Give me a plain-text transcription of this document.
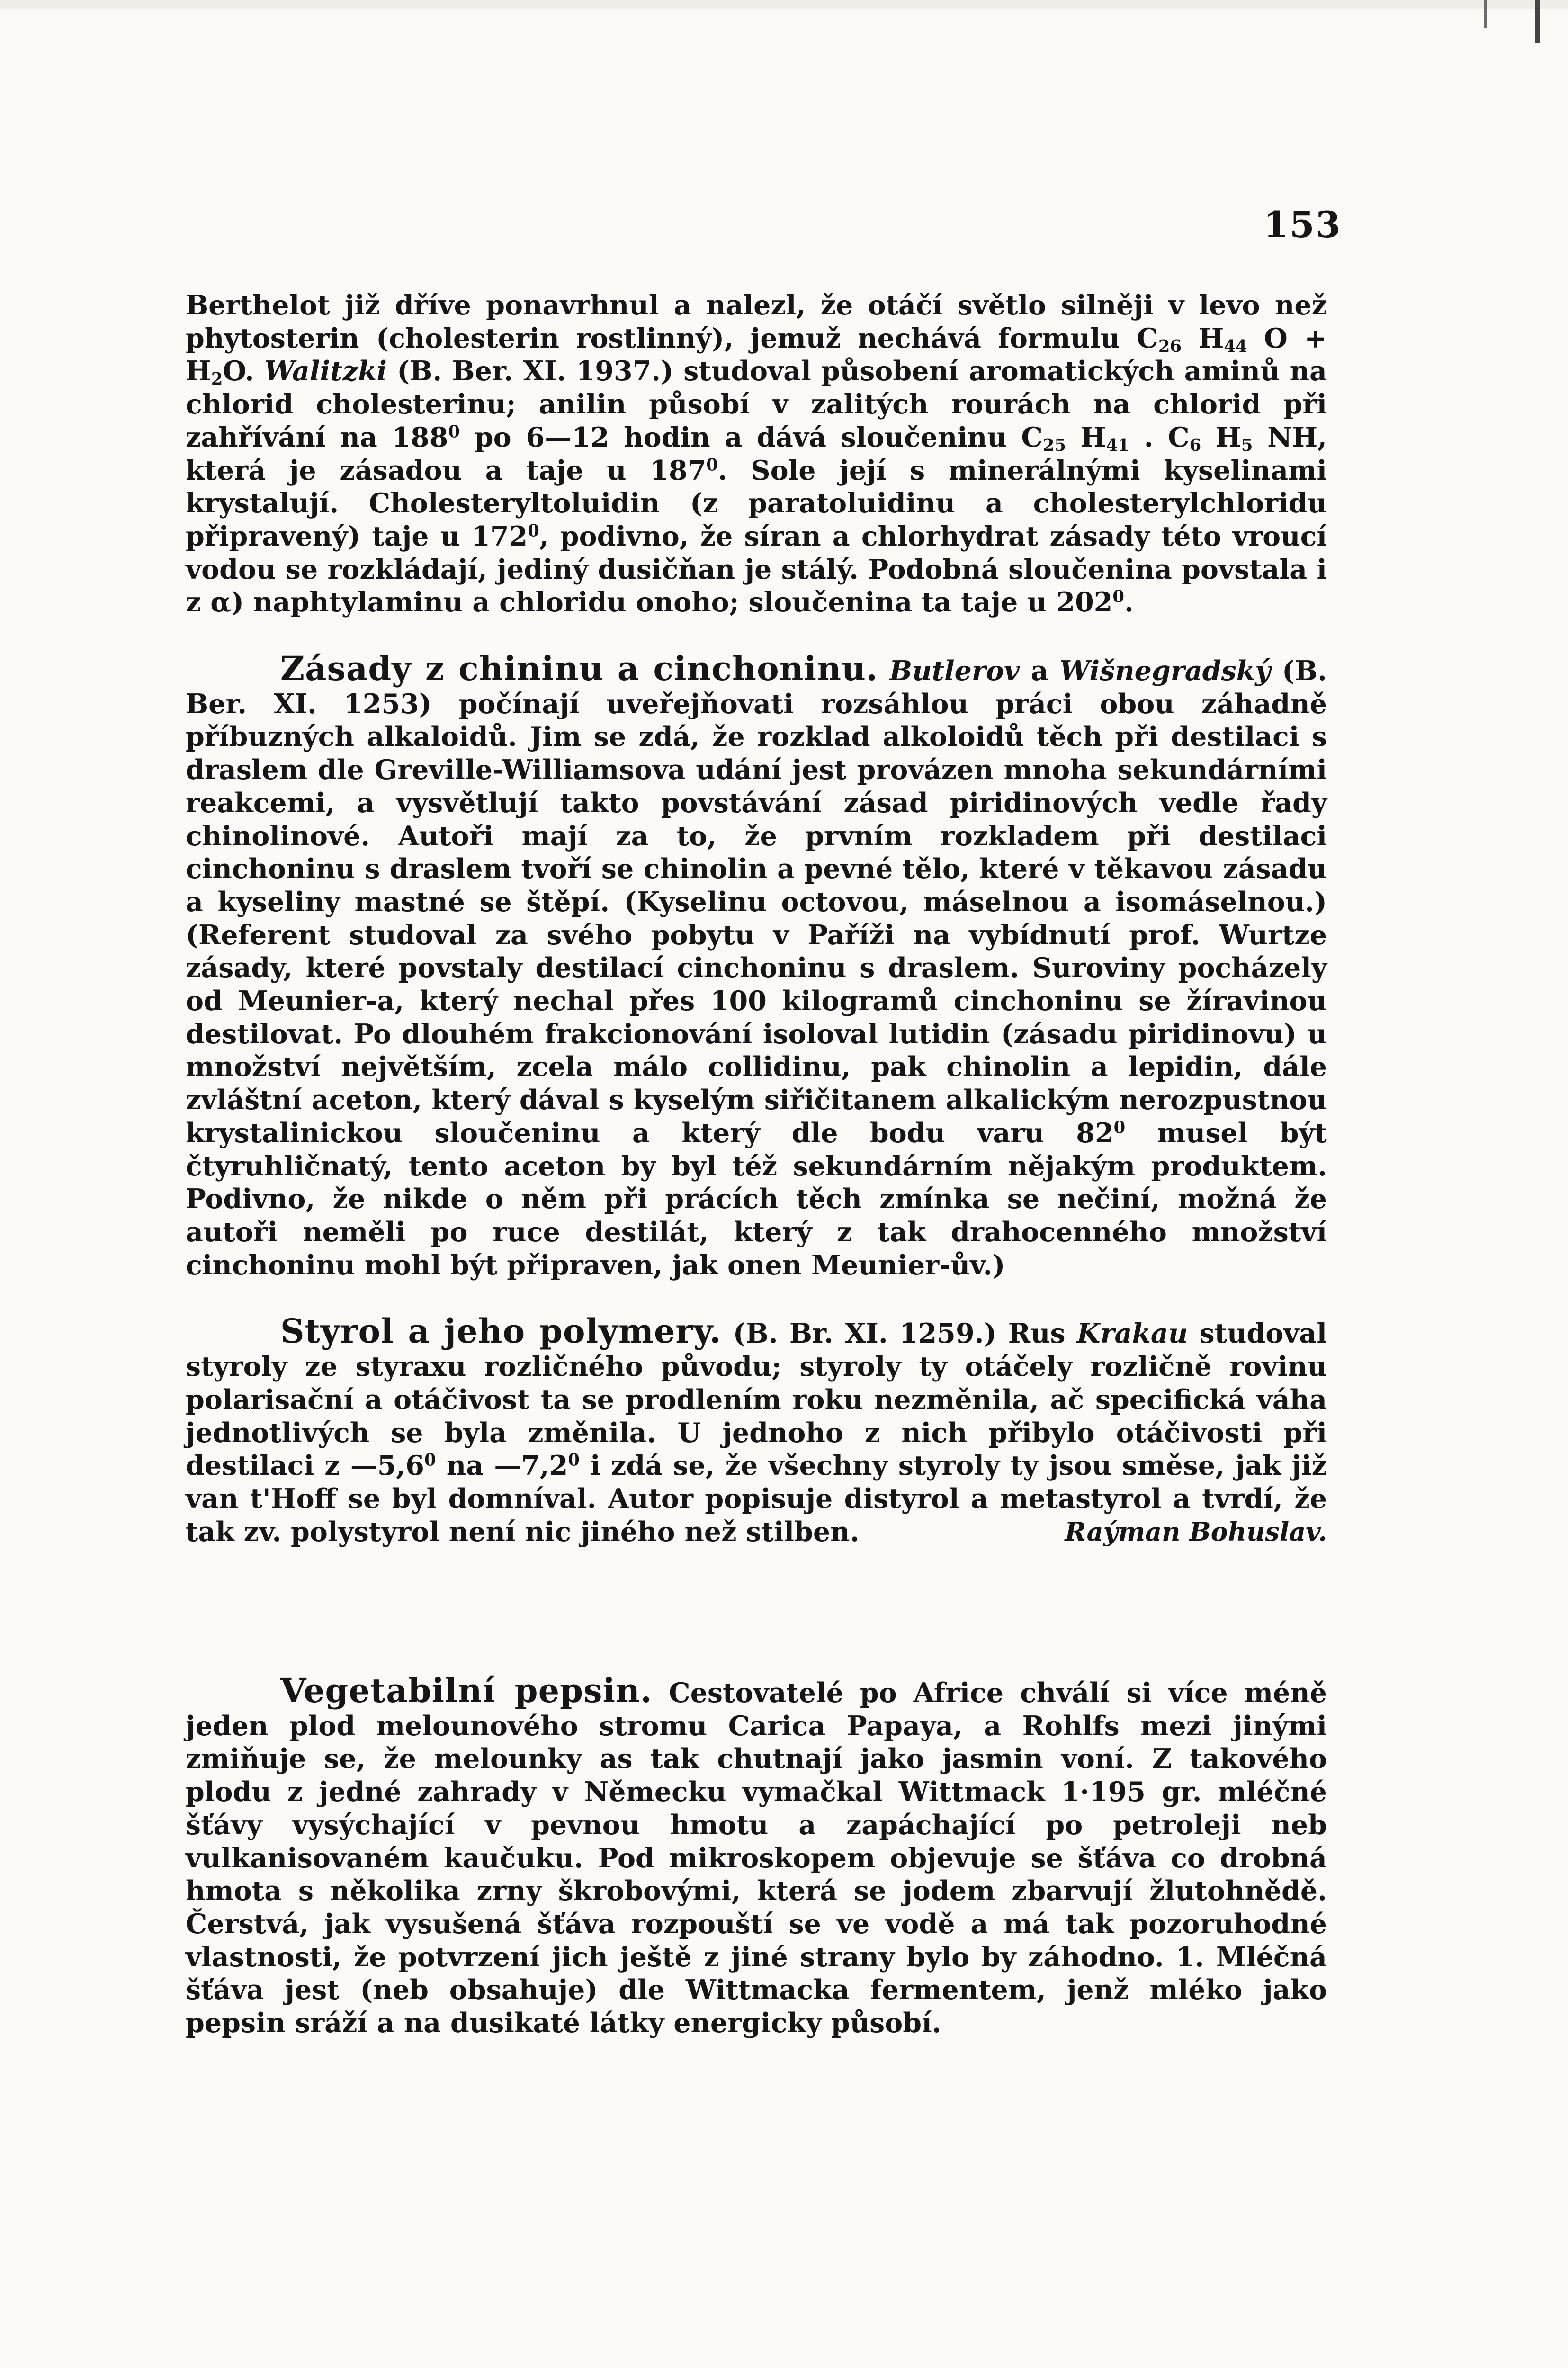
153

Berthelot již dříve ponavrhnul a nalezl, že otáčí světlo silněji v levo než phytosterin (cholesterin rostlinný), jemuž nechává formulu $C_{26}$ $H_{44}$ $O + H_2O$. Walitzki (B. Ber. XI. 1937.) studoval působení aromatických aminů na chlorid cholesterinu; anilin působí v zalitých rourách na chlorid při zahřívání na $188^0$ po 6—12 hodin a dává sloučeninu $C_{25}$ $H_{41}$ . $C_6$ $H_5$ NH, která je zásadou a taje u $187^0$. Sole její s minerálnými kyselinami krystalují. Cholesteryltoluidin (z paratoluidinu a cholesterylchloridu připravený) taje u $172^0$, podivno, že síran a chlorhydrat zásady této vroucí vodou se rozkládají, jediný dusičňan je stálý. Podobná sloučenina povstala i z α) naphtylaminu a chloridu onoho; sloučenina ta taje u $202^0$.

Zásady z chininu a cinchoninu. Butlerov a Wišnegradský (B. Ber. XI. 1253) počínají uveřejňovati rozsáhlou práci obou záhadně příbuzných alkaloidů. Jim se zdá, že rozklad alkoloidů těch při destilaci s draslem dle Greville-Williamsova udání jest provázen mnoha sekundárními reakcemi, a vysvětlují takto povstávání zásad piridinových vedle řady chinolinové. Autoři mají za to, že prvním rozkladem při destilaci cinchoninu s draslem tvoří se chinolin a pevné tělo, které v těkavou zásadu a kyseliny mastné se štěpí. (Kyselinu octovou, máselnou a isomáselnou.) (Referent studoval za svého pobytu v Paříži na vybídnutí prof. Wurtze zásady, které povstaly destilací cinchoninu s draslem. Suroviny pocházely od Meunier-a, který nechal přes 100 kilogramů cinchoninu se žíravinou destilovat. Po dlouhém frakcionování isoloval lutidin (zásadu piridinovu) u množství největším, zcela málo collidinu, pak chinolin a lepidin, dále zvláštní aceton, který dával s kyselým siřičitanem alkalickým nerozpustnou krystalinickou sloučeninu a který dle bodu varu $82^0$ musel být čtyruhličnatý, tento aceton by byl též sekundárním nějakým produktem. Podivno, že nikde o něm při prácích těch zmínka se nečiní, možná že autoři neměli po ruce destilát, který z tak drahocenného množství cinchoninu mohl být připraven, jak onen Meunier-ův.)

Styrol a jeho polymery. (B. Br. XI. 1259.) Rus Krakau studoval styroly ze styraxu rozličného původu; styroly ty otáčely rozličně rovinu polarisační a otáčivost ta se prodlením roku nezměnila, ač specifická váha jednotlivých se byla změnila. U jednoho z nich přibylo otáčivosti při destilaci z $—5,6^0$ na $—7,2^0$ i zdá se, že všechny styroly ty jsou směse, jak již van t'Hoff se byl domníval. Autor popisuje distyrol a metastyrol a tvrdí, že tak zv. polystyrol není nic jiného než stilben.	Raýman Bohuslav.

Vegetabilní pepsin. Cestovatelé po Africe chválí si více méně jeden plod melounového stromu Carica Papaya, a Rohlfs mezi jinými zmiňuje se, že melounky as tak chutnají jako jasmin voní. Z takového plodu z jedné zahrady v Německu vymačkal Wittmack 1·195 gr. mléčné šťávy vysýchající v pevnou hmotu a zapáchající po petroleji neb vulkanisovaném kaučuku. Pod mikroskopem objevuje se šťáva co drobná hmota s několika zrny škrobovými, která se jodem zbarvují žlutohnědě. Čerstvá, jak vysušená šťáva rozpouští se ve vodě a má tak pozoruhodné vlastnosti, že potvrzení jich ještě z jiné strany bylo by záhodno. 1. Mléčná šťáva jest (neb obsahuje) dle Wittmacka fermentem, jenž mléko jako pepsin sráží a na dusikaté látky energicky působí.
